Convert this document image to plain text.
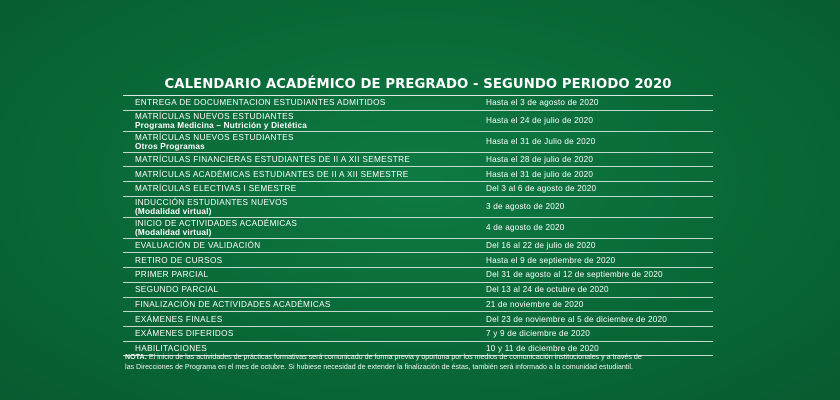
CALENDARIO ACADÉMICO DE PREGRADO - SEGUNDO PERIODO 2020
ENTREGA DE DOCUMENTACION ESTUDIANTES ADMITIDOS	Hasta el 3 de agosto de 2020
MATRÍCULAS NUEVOS ESTUDIANTES
Programa Medicina – Nutrición y Dietética	Hasta el 24 de julio de 2020
MATRÍCULAS NUEVOS ESTUDIANTES
Otros Programas	Hasta el 31 de Julio de 2020
MATRÍCULAS FINANCIERAS ESTUDIANTES DE II A XII SEMESTRE	Hasta el 28 de julio de 2020
MATRÍCULAS ACADÉMICAS ESTUDIANTES DE II A XII SEMESTRE	Hasta el 31 de julio de 2020
MATRÍCULAS ELECTIVAS I SEMESTRE	Del 3 al 6 de agosto de 2020
INDUCCIÓN ESTUDIANTES NUEVOS
(Modalidad virtual)	3 de agosto de 2020
INICIO DE ACTIVIDADES ACADÉMICAS
(Modalidad virtual)	4 de agosto de 2020
EVALUACIÓN DE VALIDACIÓN	Del 16 al 22 de julio de 2020
RETIRO DE CURSOS	Hasta el 9 de septiembre de 2020
PRIMER PARCIAL	Del 31 de agosto al 12 de septiembre de 2020
SEGUNDO PARCIAL	Del 13 al 24 de octubre de 2020
FINALIZACIÓN DE ACTIVIDADES ACADÉMICAS	21 de noviembre de 2020
EXÁMENES FINALES	Del 23 de noviembre al 5 de diciembre de 2020
EXÁMENES DIFERIDOS	7 y 9 de diciembre de 2020
HABILITACIONES	10 y 11 de diciembre de 2020
NOTA: El inicio de las actividades de prácticas formativas será comunicado de forma previa y oportuna por los medios de comunicación institucionales y a través de
las Direcciones de Programa en el mes de octubre. Si hubiese necesidad de extender la finalización de éstas, también será informado a la comunidad estudiantil.
